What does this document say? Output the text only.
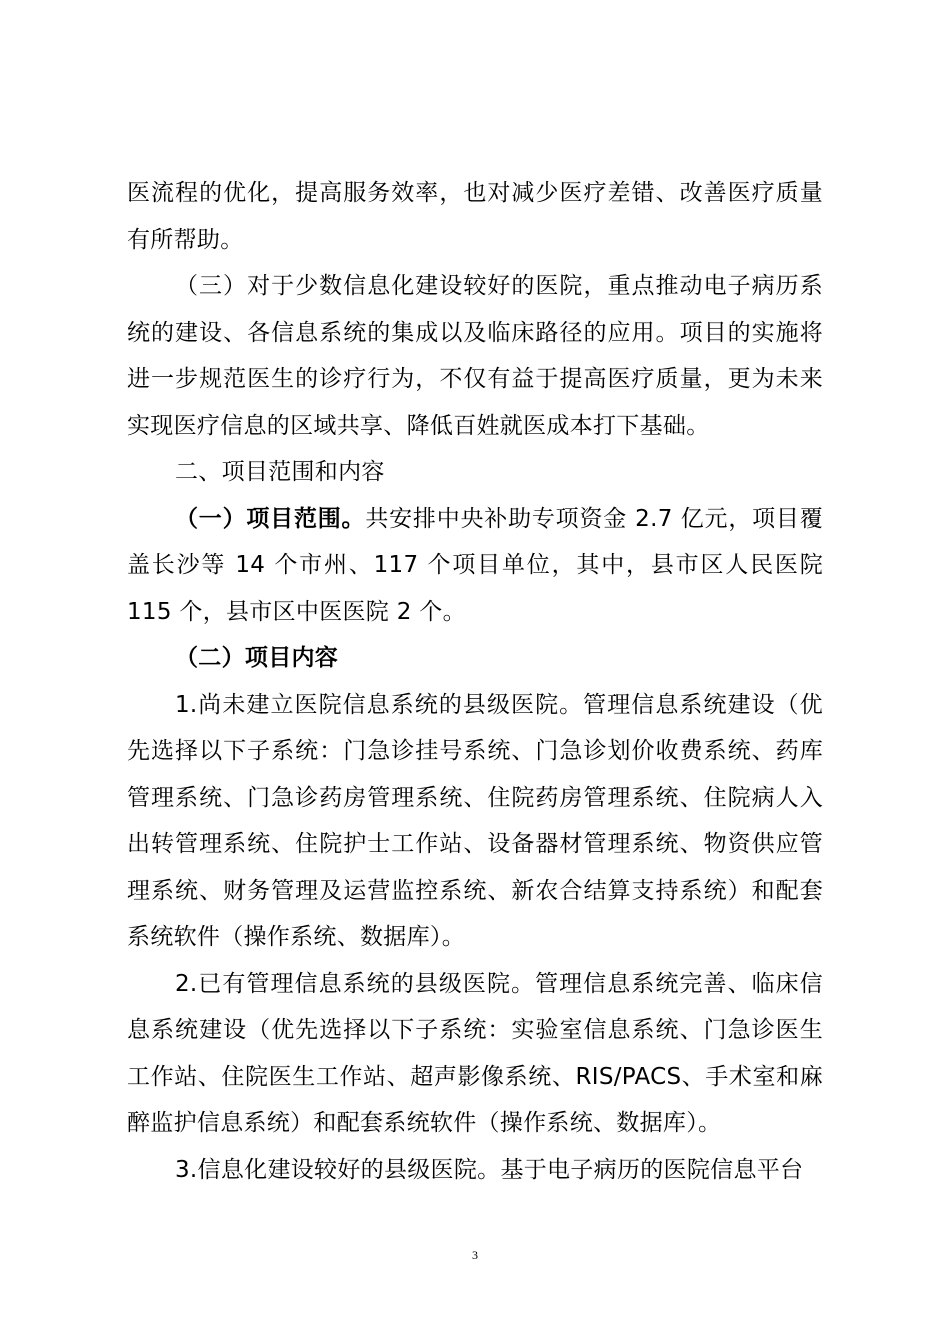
医流程的优化，提高服务效率，也对减少医疗差错、改善医疗质量有所帮助。

（三）对于少数信息化建设较好的医院，重点推动电子病历系统的建设、各信息系统的集成以及临床路径的应用。项目的实施将进一步规范医生的诊疗行为，不仅有益于提高医疗质量，更为未来实现医疗信息的区域共享、降低百姓就医成本打下基础。

二、项目范围和内容

（一）项目范围。共安排中央补助专项资金 2.7 亿元，项目覆盖长沙等 14 个市州、117 个项目单位，其中，县市区人民医院 115 个，县市区中医医院 2 个。

（二）项目内容

1.尚未建立医院信息系统的县级医院。管理信息系统建设（优先选择以下子系统：门急诊挂号系统、门急诊划价收费系统、药库管理系统、门急诊药房管理系统、住院药房管理系统、住院病人入出转管理系统、住院护士工作站、设备器材管理系统、物资供应管理系统、财务管理及运营监控系统、新农合结算支持系统）和配套系统软件（操作系统、数据库）。

2.已有管理信息系统的县级医院。管理信息系统完善、临床信息系统建设（优先选择以下子系统：实验室信息系统、门急诊医生工作站、住院医生工作站、超声影像系统、RIS/PACS、手术室和麻醉监护信息系统）和配套系统软件（操作系统、数据库）。

3.信息化建设较好的县级医院。基于电子病历的医院信息平台

3
